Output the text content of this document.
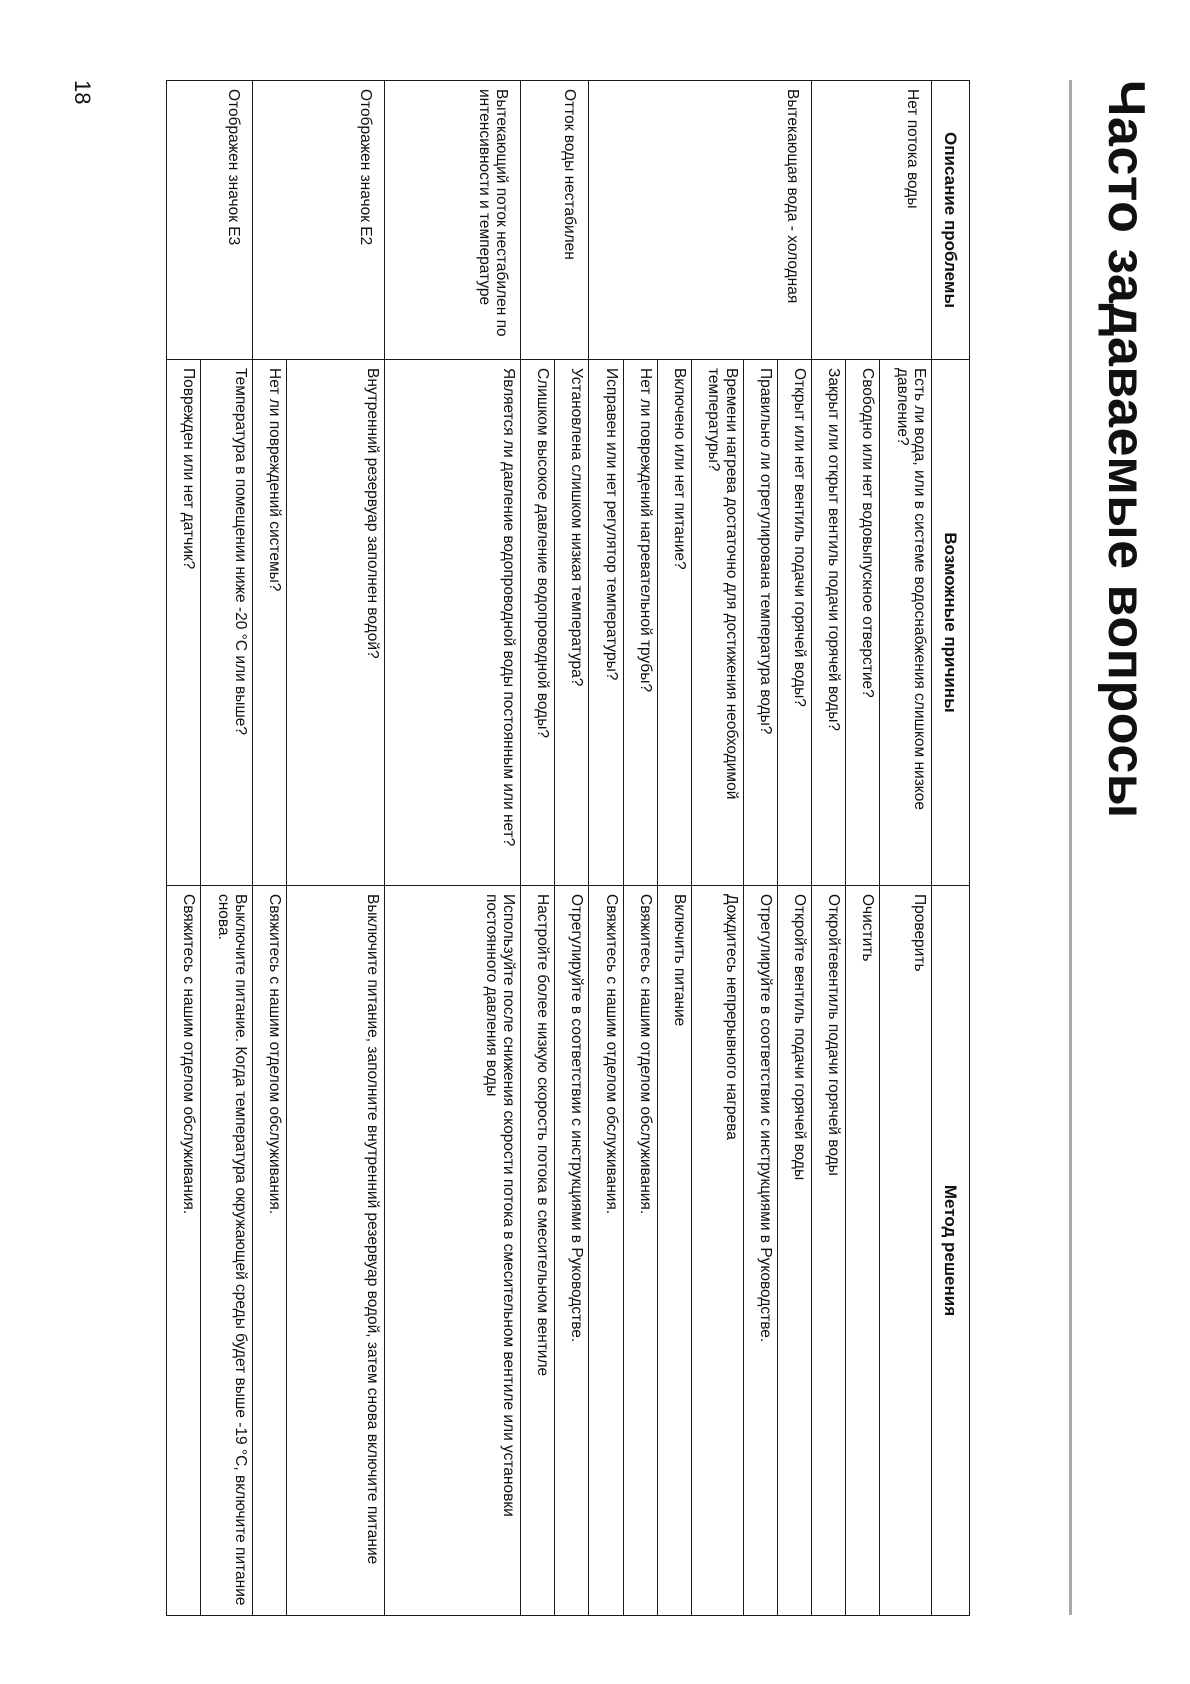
Часто задаваемые вопросы
Описание проблемы	Возможные причины	Метод решения
Нет потока воды	Есть ли вода, или в системе водоснабжения слишком низкое давление?	Проверить
	Свободно или нет водовыпускное отверстие?	Очистить
	Закрыт или открыт вентиль подачи горячей воды?	Откройтевентиль подачи горячей воды
Вытекающая вода - холодная	Открыт или нет вентиль подачи горячей воды?	Откройте вентиль подачи горячей воды
	Правильно ли отрегулирована температура воды?	Отрегулируйте в соответствии с инструкциями в Руководстве.
	Времени нагрева достаточно для достижения необходимой температуры?	Дождитесь непрерывного нагрева
	Включено или нет питание?	Включить питание
	Нет ли повреждений нагревательной трубы?	Свяжитесь с нашим отделом обслуживания.
	Исправен или нет регулятор температуры?	Свяжитесь с нашим отделом обслуживания.
Отток воды нестабилен	Установлена слишком низкая температура?	Отрегулируйте в соответствии с инструкциями в Руководстве.
	Слишком высокое давление водопроводной воды?	Настройте более низкую скорость потока в смесительном вентиле
Вытекающий поток нестабилен по интенсивности и температуре	Является ли давление водопроводной воды постоянным или нет?	Используйте после снижения скорости потока в смесительном вентиле или установки постоянного давления воды
Отображен значок E2	Внутренний резервуар заполнен водой?	Выключите питание, заполните внутренний резервуар водой, затем снова включите питание
	Нет ли повреждений системы?	Свяжитесь с нашим отделом обслуживания.
Отображен значок E3	Температура в помещении ниже -20 °C или выше?	Выключите питание. Когда температура окружающей среды будет выше -19 °C, включите питание снова.
	Поврежден или нет датчик?	Свяжитесь с нашим отделом обслуживания.
18
